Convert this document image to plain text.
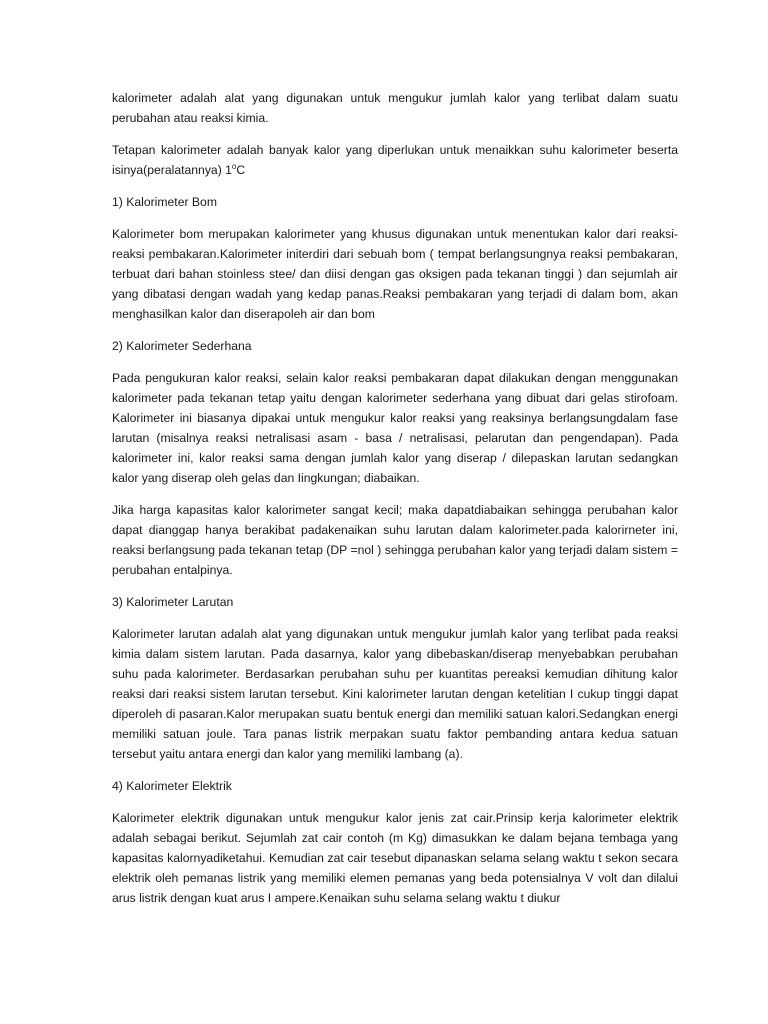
kalorimeter adalah alat yang digunakan untuk mengukur jumlah kalor yang terlibat dalam suatu perubahan atau reaksi kimia.

Tetapan kalorimeter adalah banyak kalor yang diperlukan untuk menaikkan suhu kalorimeter beserta isinya(peralatannya) 1$^o$C

1) Kalorimeter Bom

Kalorimeter bom merupakan kalorimeter yang khusus digunakan untuk menentukan kalor dari reaksi-reaksi pembakaran.Kalorimeter initerdiri dari sebuah bom ( tempat berlangsungnya reaksi pembakaran, terbuat dari bahan stoinless stee/ dan diisi dengan gas oksigen pada tekanan tinggi ) dan sejumlah air yang dibatasi dengan wadah yang kedap panas.Reaksi pembakaran yang terjadi di dalam bom, akan menghasilkan kalor dan diserapoleh air dan bom

2) Kalorimeter Sederhana

Pada pengukuran kalor reaksi, selain kalor reaksi pembakaran dapat dilakukan dengan menggunakan kalorimeter pada tekanan tetap yaitu dengan kalorimeter sederhana yang dibuat dari gelas stirofoam. Kalorimeter ini biasanya dipakai untuk mengukur kalor reaksi yang reaksinya berlangsungdalam fase larutan (misalnya reaksi netralisasi asam - basa / netralisasi, pelarutan dan pengendapan). Pada kalorimeter ini, kalor reaksi sama dengan jumlah kalor yang diserap / dilepaskan larutan sedangkan kalor yang diserap oleh gelas dan Iingkungan; diabaikan.

Jika harga kapasitas kalor kalorimeter sangat kecil; maka dapatdiabaikan sehingga perubahan kalor dapat dianggap hanya berakibat padakenaikan suhu larutan dalam kalorimeter.pada kalorirneter ini, reaksi berlangsung pada tekanan tetap (DP =nol ) sehingga perubahan kalor yang terjadi dalam sistem = perubahan entalpinya.

3) Kalorimeter Larutan

Kalorimeter larutan adalah alat yang digunakan untuk mengukur jumlah kalor yang terlibat pada reaksi kimia dalam sistem larutan. Pada dasarnya, kalor yang dibebaskan/diserap menyebabkan perubahan suhu pada kalorimeter. Berdasarkan perubahan suhu per kuantitas pereaksi kemudian dihitung kalor reaksi dari reaksi sistem larutan tersebut. Kini kalorimeter larutan dengan ketelitian I cukup tinggi dapat diperoleh di pasaran.Kalor merupakan suatu bentuk energi dan memiliki satuan kalori.Sedangkan energi memiliki satuan joule. Tara panas listrik merpakan suatu faktor pembanding antara kedua satuan tersebut yaitu antara energi dan kalor yang memiliki lambang (a).

4) Kalorimeter Elektrik

Kalorimeter elektrik digunakan untuk mengukur kalor jenis zat cair.Prinsip kerja kalorimeter elektrik adalah sebagai berikut. Sejumlah zat cair contoh (m Kg) dimasukkan ke dalam bejana tembaga yang kapasitas kalornyadiketahui. Kemudian zat cair tesebut dipanaskan selama selang waktu t sekon secara elektrik oleh pemanas listrik yang memiliki elemen pemanas yang beda potensialnya V volt dan dilalui arus listrik dengan kuat arus I ampere.Kenaikan suhu selama selang waktu t diukur
